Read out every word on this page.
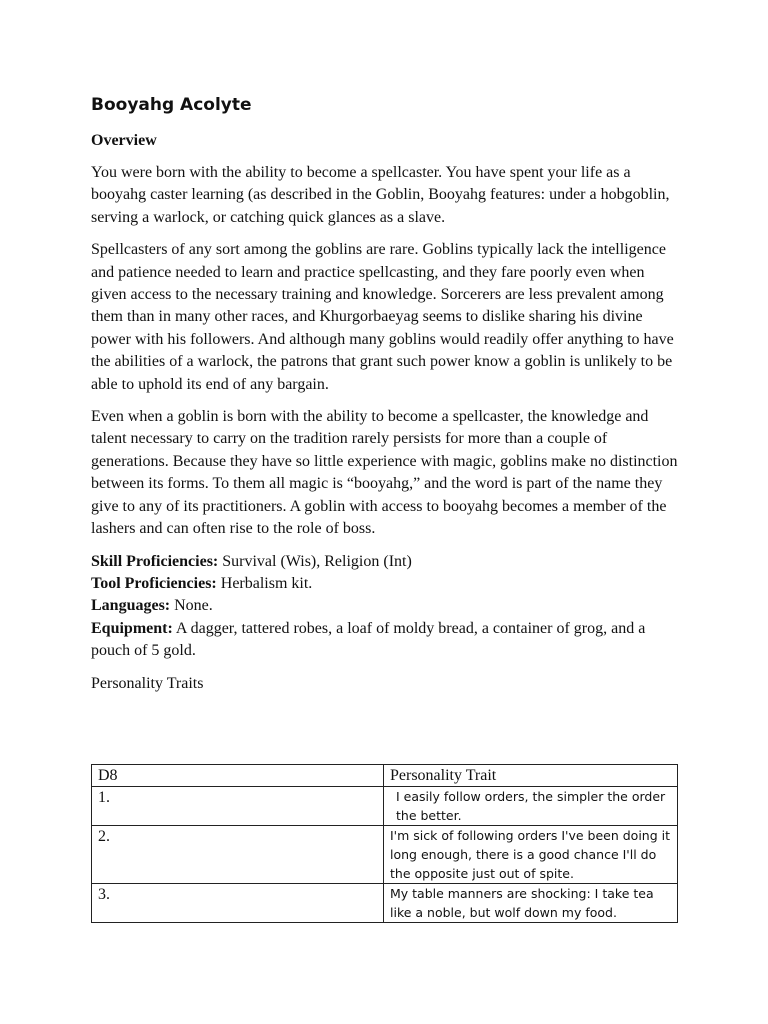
Booyahg Acolyte
Overview

You were born with the ability to become a spellcaster. You have spent your life as a booyahg caster learning (as described in the Goblin, Booyahg features: under a hobgoblin, serving a warlock, or catching quick glances as a slave.

Spellcasters of any sort among the goblins are rare. Goblins typically lack the intelligence and patience needed to learn and practice spellcasting, and they fare poorly even when given access to the necessary training and knowledge. Sorcerers are less prevalent among them than in many other races, and Khurgorbaeyag seems to dislike sharing his divine power with his followers. And although many goblins would readily offer anything to have the abilities of a warlock, the patrons that grant such power know a goblin is unlikely to be able to uphold its end of any bargain.

Even when a goblin is born with the ability to become a spellcaster, the knowledge and talent necessary to carry on the tradition rarely persists for more than a couple of generations. Because they have so little experience with magic, goblins make no distinction between its forms. To them all magic is “booyahg,” and the word is part of the name they give to any of its practitioners. A goblin with access to booyahg becomes a member of the lashers and can often rise to the role of boss.

Skill Proficiencies: Survival (Wis), Religion (Int)
Tool Proficiencies: Herbalism kit.
Languages: None.
Equipment: A dagger, tattered robes, a loaf of moldy bread, a container of grog, and a pouch of 5 gold.
Personality Traits
D8	Personality Trait
1.	I easily follow orders, the simpler the order the better.

2.	I'm sick of following orders I've been doing it long enough, there is a good chance I'll do the opposite just out of spite.
3.	My table manners are shocking: I take tea like a noble, but wolf down my food.
